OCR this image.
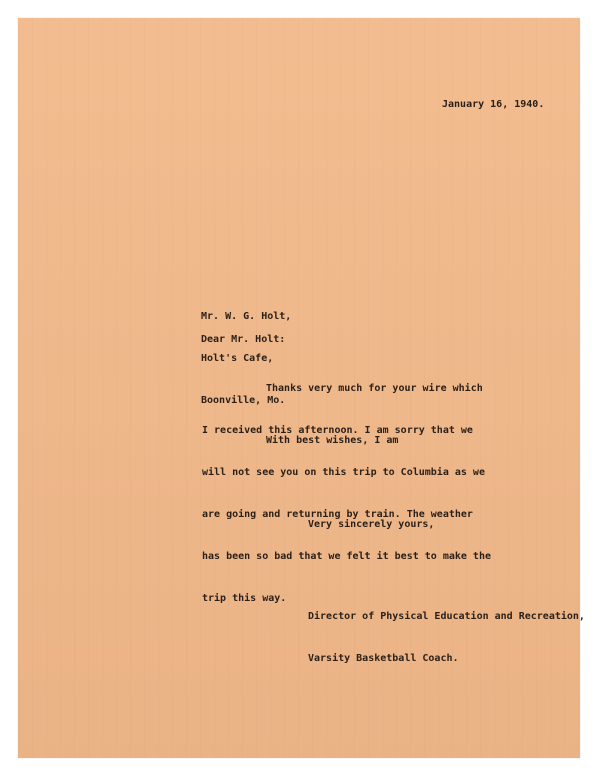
January 16, 1940.

Mr. W. G. Holt,

Holt's Cafe,

Boonville, Mo.

Dear Mr. Holt:

Thanks very much for your wire which

I received this afternoon. I am sorry that we

will not see you on this trip to Columbia as we

are going and returning by train. The weather

has been so bad that we felt it best to make the

trip this way.

With best wishes, I am

Very sincerely yours,

Director of Physical Education and Recreation,

Varsity Basketball Coach.
